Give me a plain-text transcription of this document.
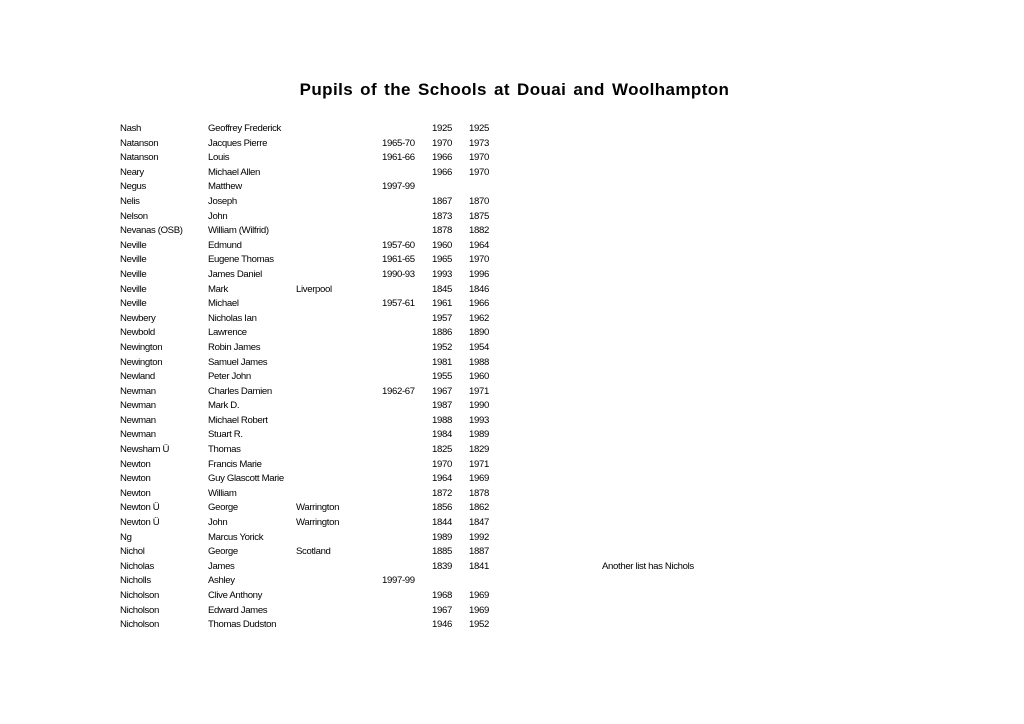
Pupils of the Schools at Douai and Woolhampton
Nash	Geoffrey Frederick	1925 1925
Natanson	Jacques Pierre	1965-70 1970 1973
Natanson	Louis	1961-66 1966 1970
Neary	Michael Allen	1966 1970
Negus	Matthew	1997-99
Nelis	Joseph	1867 1870
Nelson	John	1873 1875
Nevanas (OSB)	William (Wilfrid)	1878 1882
Neville	Edmund	1957-60 1960 1964
Neville	Eugene Thomas	1961-65 1965 1970
Neville	James Daniel	1990-93 1993 1996
Neville	Mark	Liverpool	1845 1846
Neville	Michael	1957-61 1961 1966
Newbery	Nicholas Ian	1957 1962
Newbold	Lawrence	1886 1890
Newington	Robin James	1952 1954
Newington	Samuel James	1981 1988
Newland	Peter John	1955 1960
Newman	Charles Damien	1962-67 1967 1971
Newman	Mark D.	1987 1990
Newman	Michael Robert	1988 1993
Newman	Stuart R.	1984 1989
Newsham Ü	Thomas	1825 1829
Newton	Francis Marie	1970 1971
Newton	Guy Glascott Marie	1964 1969
Newton	William	1872 1878
Newton Ü	George	Warrington	1856 1862
Newton Ü	John	Warrington	1844 1847
Ng	Marcus Yorick	1989 1992
Nichol	George	Scotland	1885 1887
Nicholas	James	1839 1841	Another list has Nichols
Nicholls	Ashley	1997-99
Nicholson	Clive Anthony	1968 1969
Nicholson	Edward James	1967 1969
Nicholson	Thomas Dudston	1946 1952
